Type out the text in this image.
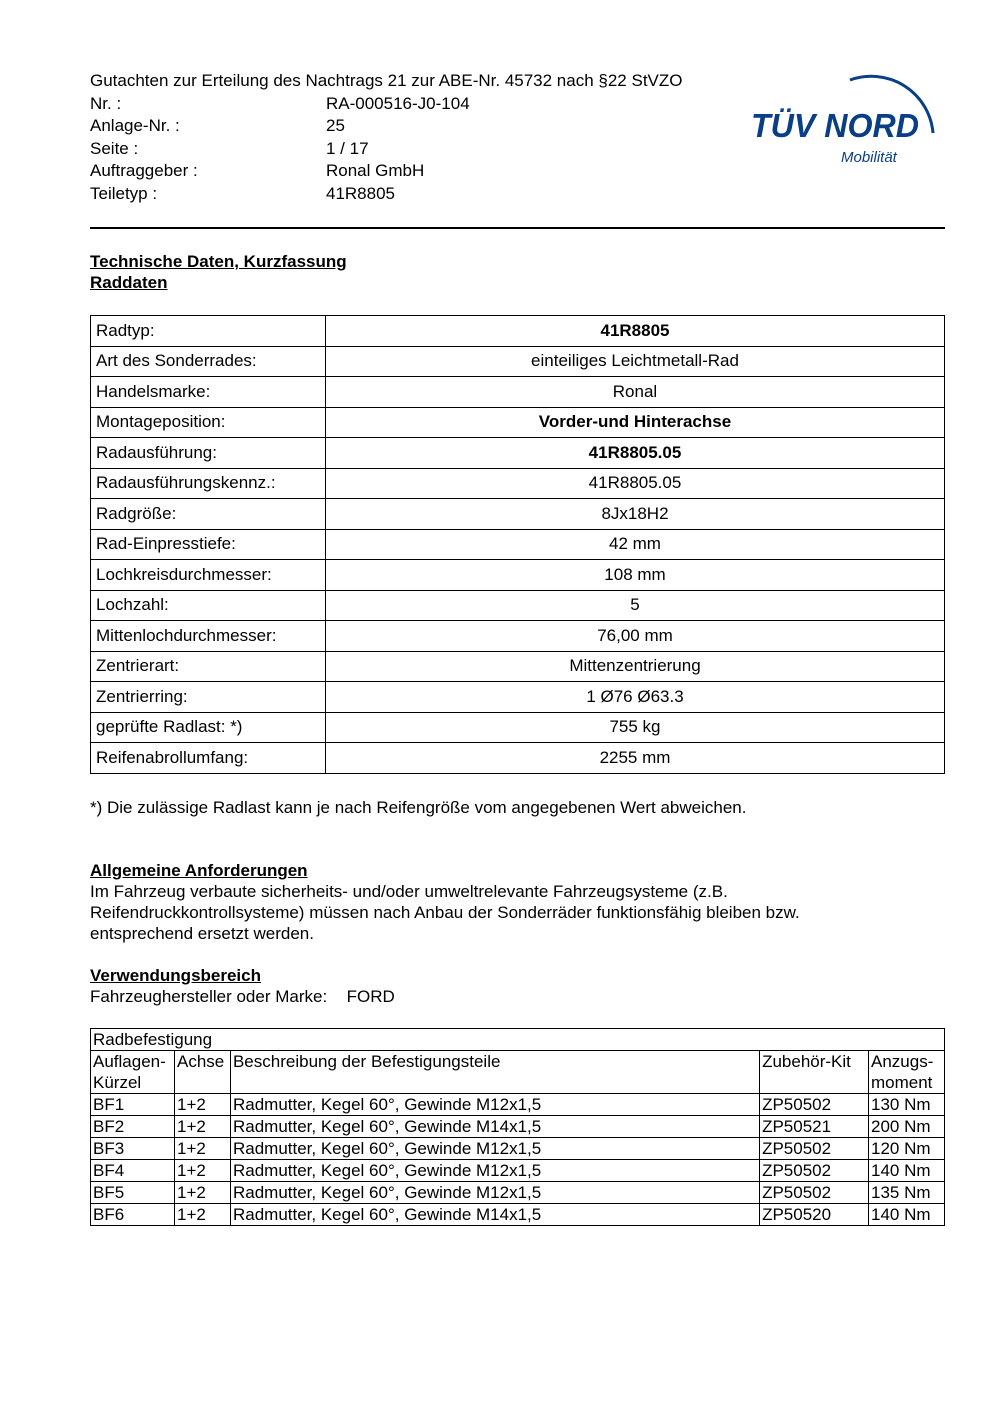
Gutachten zur Erteilung des Nachtrags 21 zur ABE-Nr. 45732 nach §22 StVZO
Nr. :	RA-000516-J0-104
Anlage-Nr. :	25
Seite :	1 / 17
Auftraggeber :	Ronal GmbH
Teiletyp :	41R8805
TÜV NORD
Mobilität
Technische Daten, Kurzfassung
Raddaten
Radtyp:	41R8805
Art des Sonderrades:	einteiliges Leichtmetall-Rad
Handelsmarke:	Ronal
Montageposition:	Vorder-und Hinterachse
Radausführung:	41R8805.05
Radausführungskennz.:	41R8805.05
Radgröße:	8Jx18H2
Rad-Einpresstiefe:	42 mm
Lochkreisdurchmesser:	108 mm
Lochzahl:	5
Mittenlochdurchmesser:	76,00 mm
Zentrierart:	Mittenzentrierung
Zentrierring:	1 Ø76 Ø63.3
geprüfte Radlast: *)	755 kg
Reifenabrollumfang:	2255 mm
*) Die zulässige Radlast kann je nach Reifengröße vom angegebenen Wert abweichen.
Allgemeine Anforderungen

Im Fahrzeug verbaute sicherheits- und/oder umweltrelevante Fahrzeugsysteme (z.B.

Reifendruckkontrollsysteme) müssen nach Anbau der Sonderräder funktionsfähig bleiben bzw.

entsprechend ersetzt werden.

Verwendungsbereich
Fahrzeughersteller oder Marke: FORD
Radbefestigung				
Auflagen-
Kürzel	Achse	Beschreibung der Befestigungsteile	Zubehör-Kit	Anzugs-
moment
BF1	1+2	Radmutter, Kegel 60°, Gewinde M12x1,5	ZP50502	130 Nm
BF2	1+2	Radmutter, Kegel 60°, Gewinde M14x1,5	ZP50521	200 Nm
BF3	1+2	Radmutter, Kegel 60°, Gewinde M12x1,5	ZP50502	120 Nm
BF4	1+2	Radmutter, Kegel 60°, Gewinde M12x1,5	ZP50502	140 Nm
BF5	1+2	Radmutter, Kegel 60°, Gewinde M12x1,5	ZP50502	135 Nm
BF6	1+2	Radmutter, Kegel 60°, Gewinde M14x1,5	ZP50520	140 Nm
